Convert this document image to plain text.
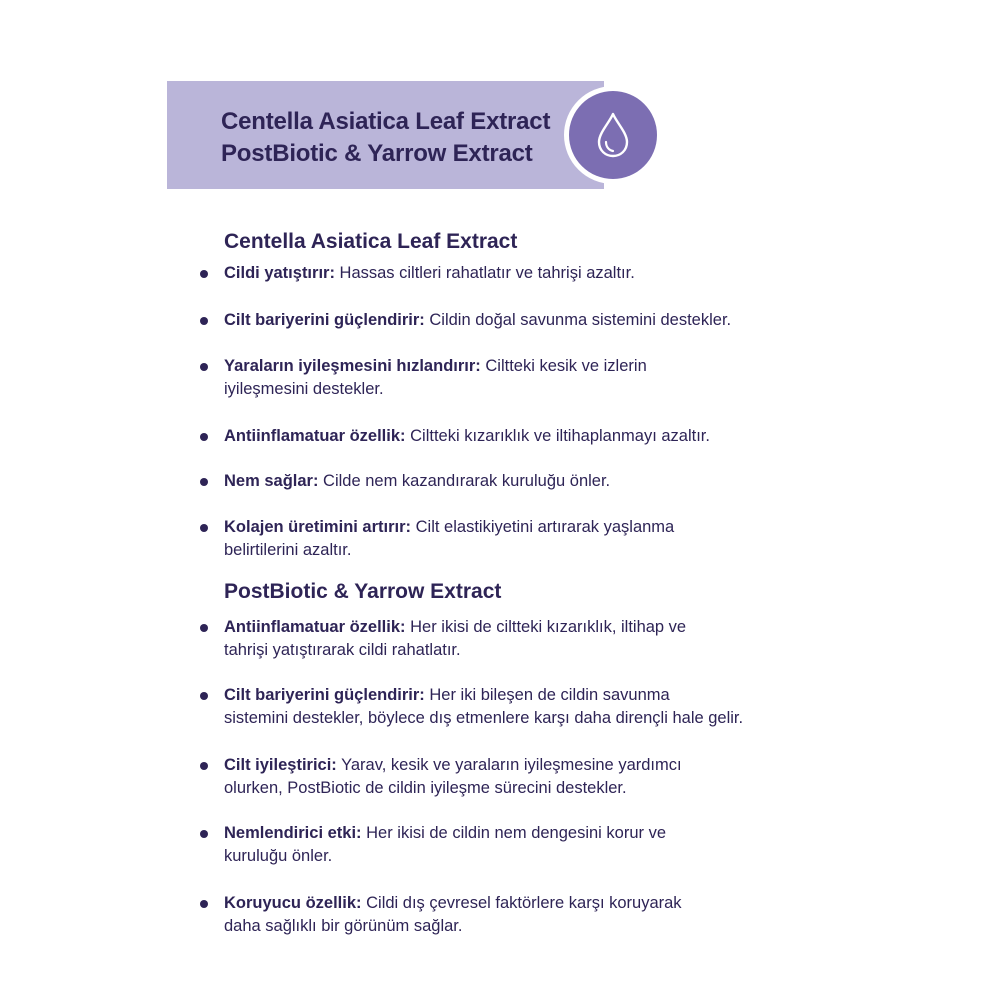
Centella Asiatica Leaf Extract
PostBiotic & Yarrow Extract
Centella Asiatica Leaf Extract
Cildi yatıştırır: Hassas ciltleri rahatlatır ve tahrişi azaltır.
Cilt bariyerini güçlendirir: Cildin doğal savunma sistemini destekler.
Yaraların iyileşmesini hızlandırır: Ciltteki kesik ve izlerin
iyileşmesini destekler.
Antiinflamatuar özellik: Ciltteki kızarıklık ve iltihaplanmayı azaltır.
Nem sağlar: Cilde nem kazandırarak kuruluğu önler.
Kolajen üretimini artırır: Cilt elastikiyetini artırarak yaşlanma
belirtilerini azaltır.
PostBiotic & Yarrow Extract
Antiinflamatuar özellik: Her ikisi de ciltteki kızarıklık, iltihap ve
tahrişi yatıştırarak cildi rahatlatır.
Cilt bariyerini güçlendirir: Her iki bileşen de cildin savunma
sistemini destekler, böylece dış etmenlere karşı daha dirençli hale gelir.
Cilt iyileştirici: Yarav, kesik ve yaraların iyileşmesine yardımcı
olurken, PostBiotic de cildin iyileşme sürecini destekler.
Nemlendirici etki: Her ikisi de cildin nem dengesini korur ve
kuruluğu önler.
Koruyucu özellik: Cildi dış çevresel faktörlere karşı koruyarak
daha sağlıklı bir görünüm sağlar.
